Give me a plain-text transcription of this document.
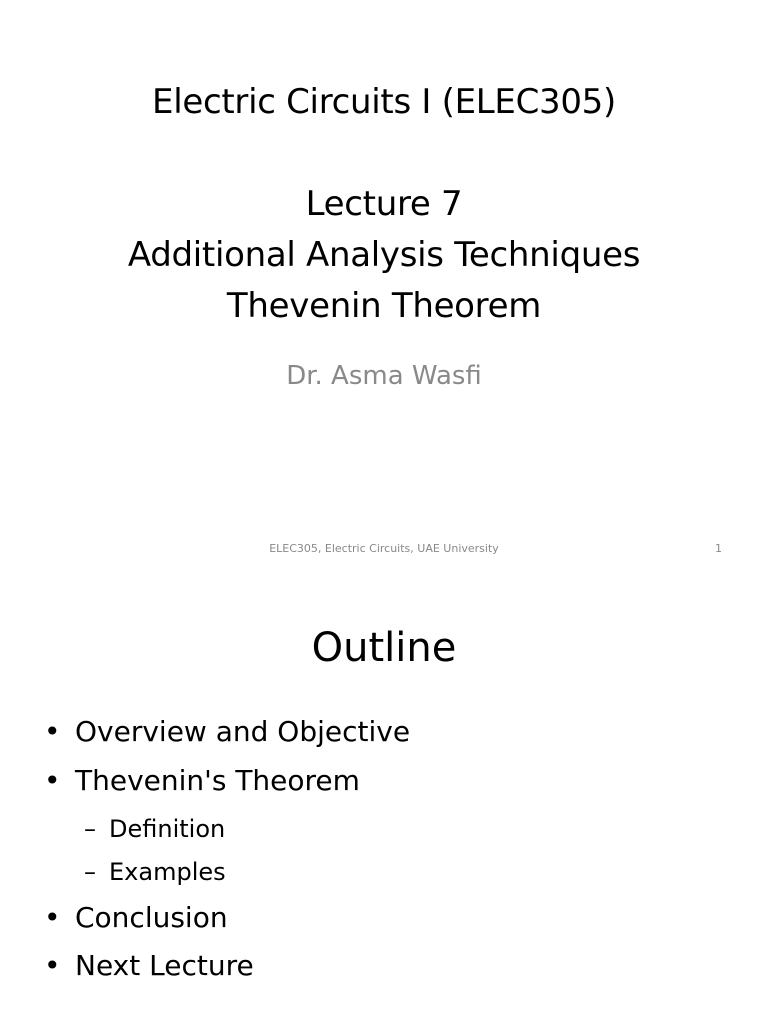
Electric Circuits I (ELEC305)
Lecture 7
Additional Analysis Techniques
Thevenin Theorem
Dr. Asma Wasfi
ELEC305, Electric Circuits, UAE University	1
Outline
• Overview and Objective
• Thevenin's Theorem
– Definition
– Examples
• Conclusion
• Next Lecture
